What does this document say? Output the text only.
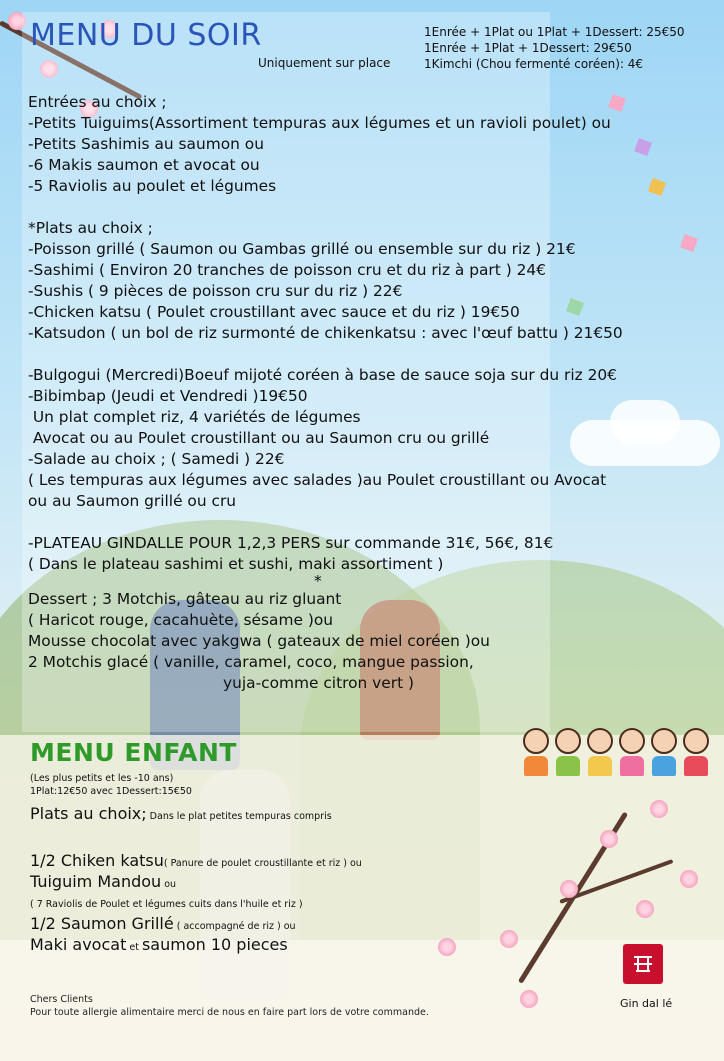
MENU DU SOIR
Uniquement sur place
1Enrée + 1Plat ou 1Plat + 1Dessert: 25€50
1Enrée + 1Plat + 1Dessert: 29€50
1Kimchi (Chou fermenté coréen): 4€
Entrées au choix ;
-Petits Tuiguims(Assortiment tempuras aux légumes et un ravioli poulet) ou
-Petits Sashimis au saumon ou
-6 Makis saumon et avocat ou
-5 Raviolis au poulet et légumes
*Plats au choix ;
-Poisson grillé ( Saumon ou Gambas grillé ou ensemble sur du riz ) 21€
-Sashimi ( Environ 20 tranches de poisson cru et du riz à part ) 24€
-Sushis ( 9 pièces de poisson cru sur du riz ) 22€
-Chicken katsu ( Poulet croustillant avec sauce et du riz ) 19€50
-Katsudon ( un bol de riz surmonté de chikenkatsu : avec l'œuf battu ) 21€50
-Bulgogui (Mercredi)Boeuf mijoté coréen à base de sauce soja sur du riz 20€
-Bibimbap (Jeudi et Vendredi )19€50
Un plat complet riz, 4 variétés de légumes
Avocat ou au Poulet croustillant ou au Saumon cru ou grillé
-Salade au choix ; ( Samedi ) 22€
( Les tempuras aux légumes avec salades )au Poulet croustillant ou Avocat
ou au Saumon grillé ou cru
-PLATEAU GINDALLE POUR 1,2,3 PERS sur commande 31€, 56€, 81€
( Dans le plateau sashimi et sushi, maki assortiment )
*
Dessert ; 3 Motchis, gâteau au riz gluant
( Haricot rouge, cacahuète, sésame )ou
Mousse chocolat avec yakgwa ( gateaux de miel coréen )ou
2 Motchis glacé ( vanille, caramel, coco, mangue passion,
yuja-comme citron vert )
MENU ENFANT
(Les plus petits et les -10 ans)
1Plat:12€50 avec 1Dessert:15€50
Plats au choix; Dans le plat petites tempuras compris
1/2 Chiken katsu( Panure de poulet croustillante et riz ) ou
Tuiguim Mandou ou
( 7 Raviolis de Poulet et légumes cuits dans l'huile et riz )
1/2 Saumon Grillé ( accompagné de riz ) ou
Maki avocat et saumon 10 pieces
Chers Clients
Pour toute allergie alimentaire merci de nous en faire part lors de votre commande.
Gin dal lé
